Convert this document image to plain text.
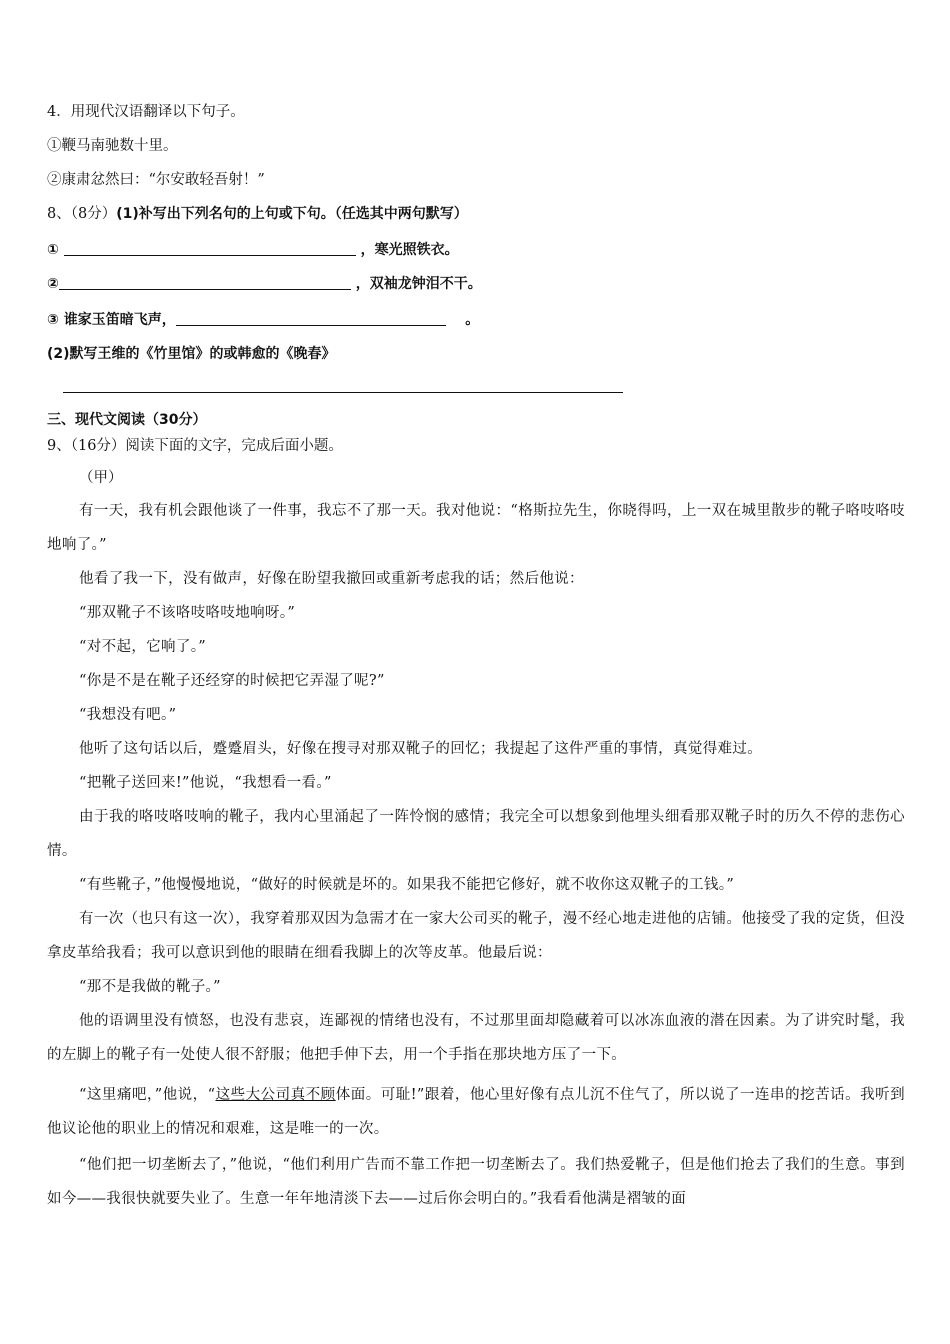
4．用现代汉语翻译以下句子。
①鞭马南驰数十里。
②康肃忿然曰：“尔安敢轻吾射！”
8、（8分）(1)补写出下列名句的上句或下句。（任选其中两句默写）
①	，寒光照铁衣。
②	，双袖龙钟泪不干。
③ 谁家玉笛暗飞声，	。
(2)默写王维的《竹里馆》的或韩愈的《晚春》
三、现代文阅读（30分）
9、（16分）阅读下面的文字，完成后面小题。
（甲）
有一天，我有机会跟他谈了一件事，我忘不了那一天。我对他说：“格斯拉先生，你晓得吗，上一双在城里散步的靴子咯吱咯吱地响了。”
他看了我一下，没有做声，好像在盼望我撤回或重新考虑我的话；然后他说：
“那双靴子不该咯吱咯吱地响呀。”
“对不起，它响了。”
“你是不是在靴子还经穿的时候把它弄湿了呢?”
“我想没有吧。”
他听了这句话以后，蹙蹙眉头，好像在搜寻对那双靴子的回忆；我提起了这件严重的事情，真觉得难过。
“把靴子送回来!”他说，“我想看一看。”
由于我的咯吱咯吱响的靴子，我内心里涌起了一阵怜悯的感情；我完全可以想象到他埋头细看那双靴子时的历久不停的悲伤心情。
“有些靴子，”他慢慢地说，“做好的时候就是坏的。如果我不能把它修好，就不收你这双靴子的工钱。”
有一次（也只有这一次），我穿着那双因为急需才在一家大公司买的靴子，漫不经心地走进他的店铺。他接受了我的定货，但没拿皮革给我看；我可以意识到他的眼睛在细看我脚上的次等皮革。他最后说：
“那不是我做的靴子。”
他的语调里没有愤怒，也没有悲哀，连鄙视的情绪也没有，不过那里面却隐藏着可以冰冻血液的潜在因素。为了讲究时髦，我的左脚上的靴子有一处使人很不舒服；他把手伸下去，用一个手指在那块地方压了一下。
“这里痛吧，”他说，“这些大公司真不顾体面。可耻!”跟着，他心里好像有点儿沉不住气了，所以说了一连串的挖苦话。我听到他议论他的职业上的情况和艰难，这是唯一的一次。
“他们把一切垄断去了，”他说，“他们利用广告而不靠工作把一切垄断去了。我们热爱靴子，但是他们抢去了我们的生意。事到如今——我很快就要失业了。生意一年年地清淡下去——过后你会明白的。”我看看他满是褶皱的面
